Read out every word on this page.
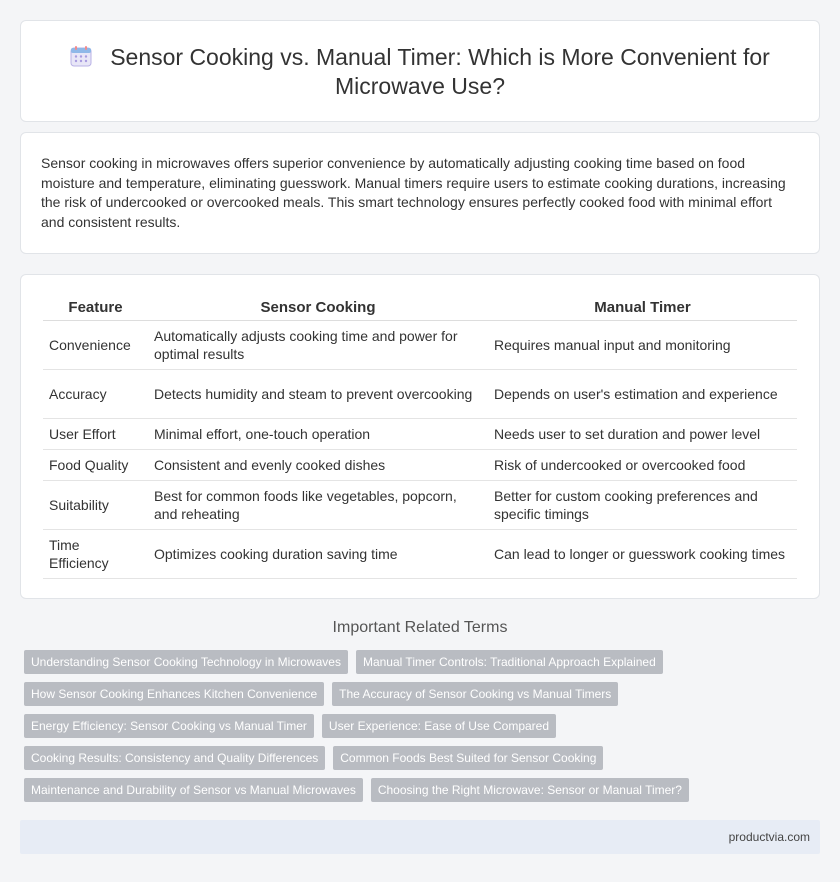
Sensor Cooking vs. Manual Timer: Which is More Convenient for Microwave Use?

Sensor cooking in microwaves offers superior convenience by automatically adjusting cooking time based on food moisture and temperature, eliminating guesswork. Manual timers require users to estimate cooking durations, increasing the risk of undercooked or overcooked meals. This smart technology ensures perfectly cooked food with minimal effort and consistent results.

Feature	Sensor Cooking	Manual Timer
Convenience	Automatically adjusts cooking time and power for optimal results	Requires manual input and monitoring
Accuracy	Detects humidity and steam to prevent overcooking	Depends on user's estimation and experience
User Effort	Minimal effort, one-touch operation	Needs user to set duration and power level
Food Quality	Consistent and evenly cooked dishes	Risk of undercooked or overcooked food
Suitability	Best for common foods like vegetables, popcorn, and reheating	Better for custom cooking preferences and specific timings
Time Efficiency	Optimizes cooking duration saving time	Can lead to longer or guesswork cooking times
Important Related Terms
Understanding Sensor Cooking Technology in Microwaves	Manual Timer Controls: Traditional Approach Explained
How Sensor Cooking Enhances Kitchen Convenience	The Accuracy of Sensor Cooking vs Manual Timers
Energy Efficiency: Sensor Cooking vs Manual Timer	User Experience: Ease of Use Compared
Cooking Results: Consistency and Quality Differences	Common Foods Best Suited for Sensor Cooking
Maintenance and Durability of Sensor vs Manual Microwaves	Choosing the Right Microwave: Sensor or Manual Timer?
productvia.com
